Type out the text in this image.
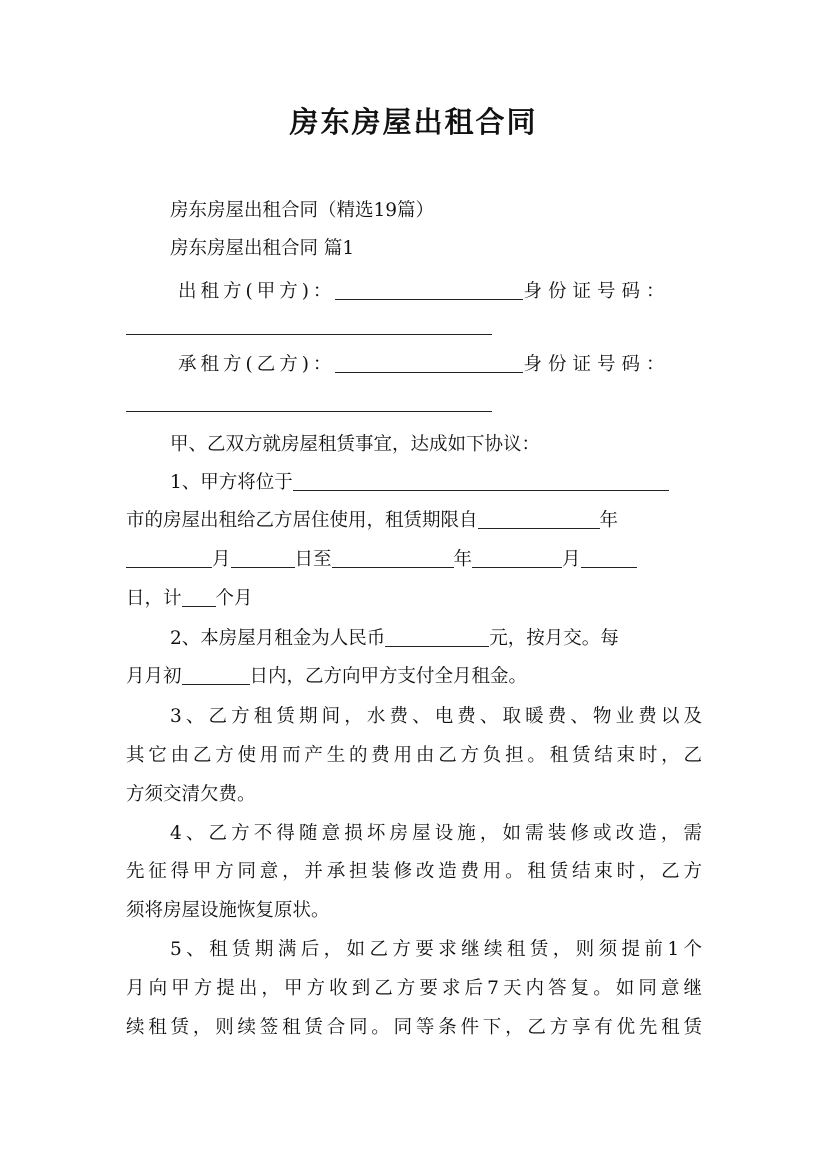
房东房屋出租合同
房东房屋出租合同（精选19篇）
房东房屋出租合同 篇1
出租方(甲方)：	身份证号码：
承租方(乙方)：	身份证号码：
甲、乙双方就房屋租赁事宜，达成如下协议：
1、甲方将位于
市的房屋出租给乙方居住使用，租赁期限自	年
月	日至	年	月
日，计 个月
2、本房屋月租金为人民币	元，按月交。每
月月初	日内，乙方向甲方支付全月租金。
3、乙方租赁期间，水费、电费、取暖费、物业费以及
其它由乙方使用而产生的费用由乙方负担。租赁结束时，乙
方须交清欠费。
4、乙方不得随意损坏房屋设施，如需装修或改造，需
先征得甲方同意，并承担装修改造费用。租赁结束时，乙方
须将房屋设施恢复原状。
5、租赁期满后，如乙方要求继续租赁，则须提前1个
月向甲方提出，甲方收到乙方要求后7天内答复。如同意继
续租赁，则续签租赁合同。同等条件下，乙方享有优先租赁
